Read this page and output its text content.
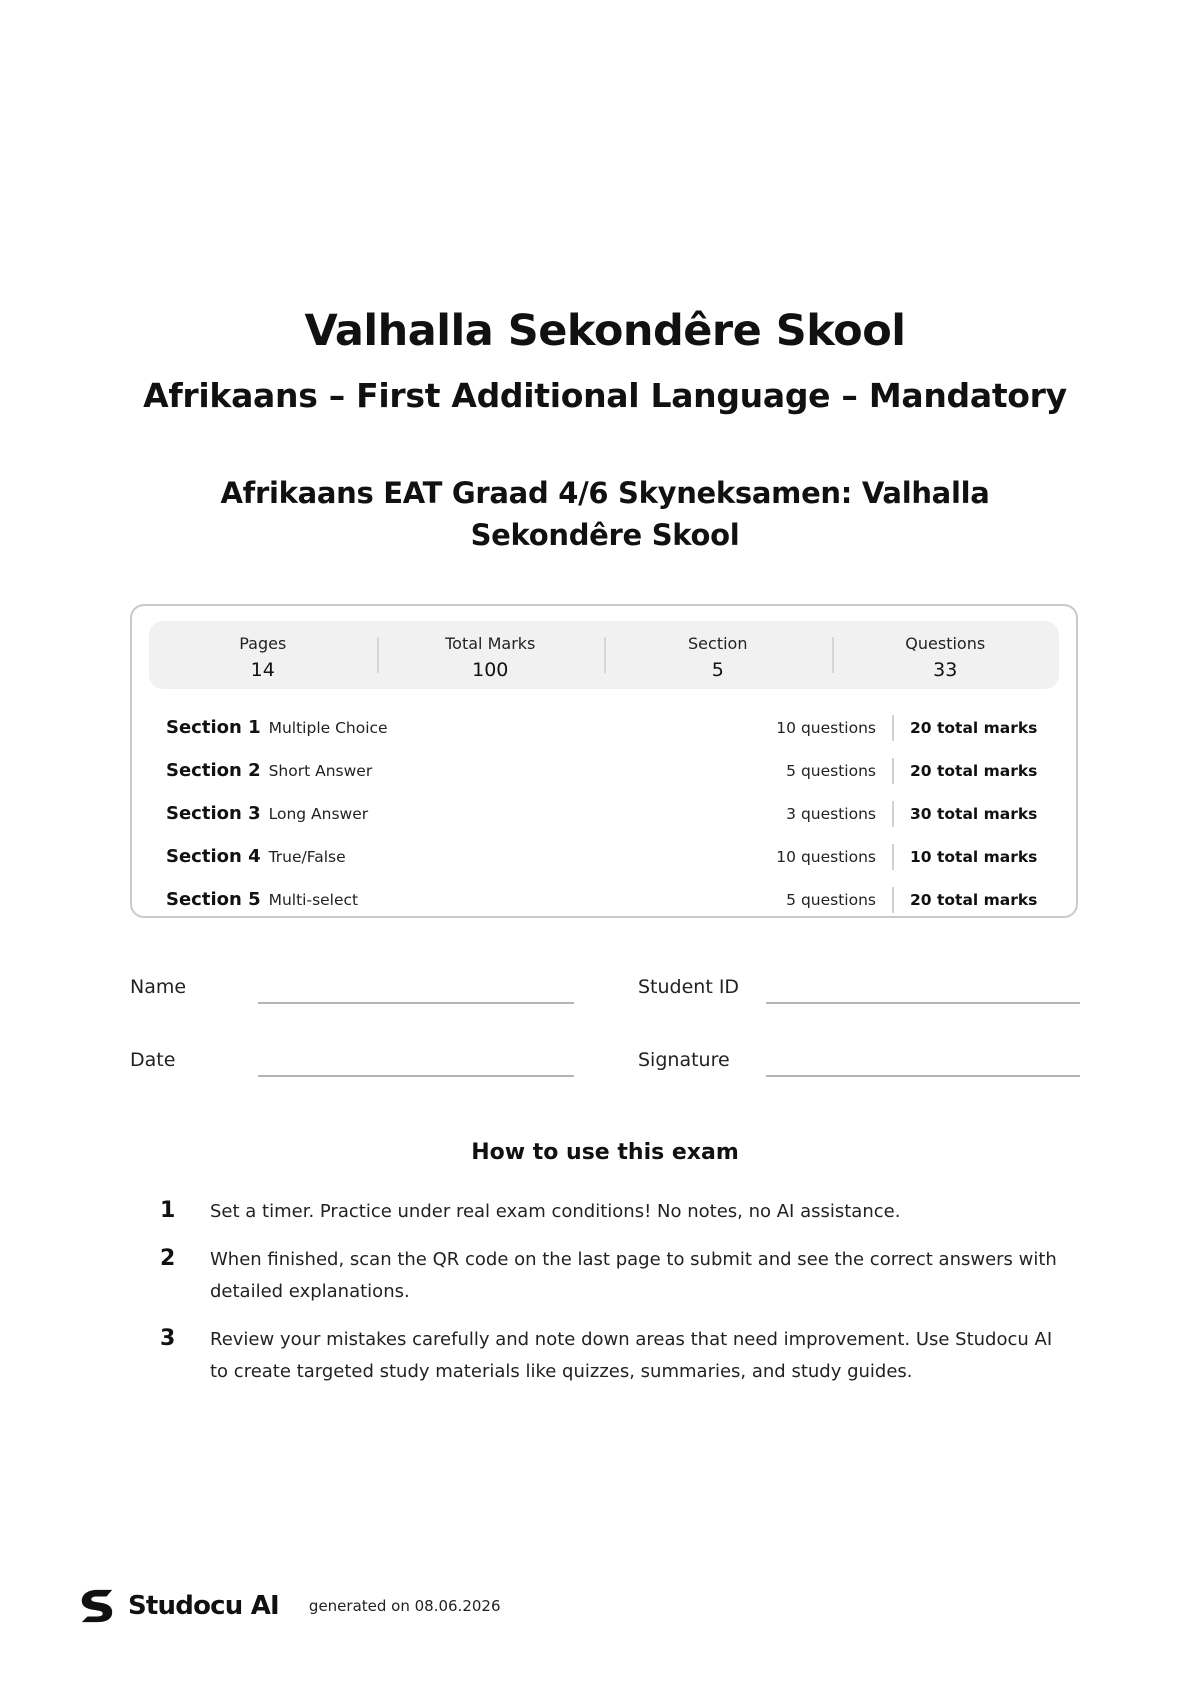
Valhalla Sekondêre Skool
Afrikaans – First Additional Language – Mandatory
Afrikaans EAT Graad 4/6 Skyneksamen: Valhalla Sekondêre Skool
Pages
14
Total Marks
100
Section
5
Questions
33
Section 1 Multiple Choice	10 questions	20 total marks
Section 2 Short Answer	5 questions	20 total marks
Section 3 Long Answer	3 questions	30 total marks
Section 4 True/False	10 questions	10 total marks
Section 5 Multi-select	5 questions	20 total marks
Name	Student ID
Date	Signature
How to use this exam
1	Set a timer. Practice under real exam conditions! No notes, no AI assistance.
2	When finished, scan the QR code on the last page to submit and see the correct answers with detailed explanations.
3	Review your mistakes carefully and note down areas that need improvement. Use Studocu AI to create targeted study materials like quizzes, summaries, and study guides.
Studocu AI generated on 08.06.2026
